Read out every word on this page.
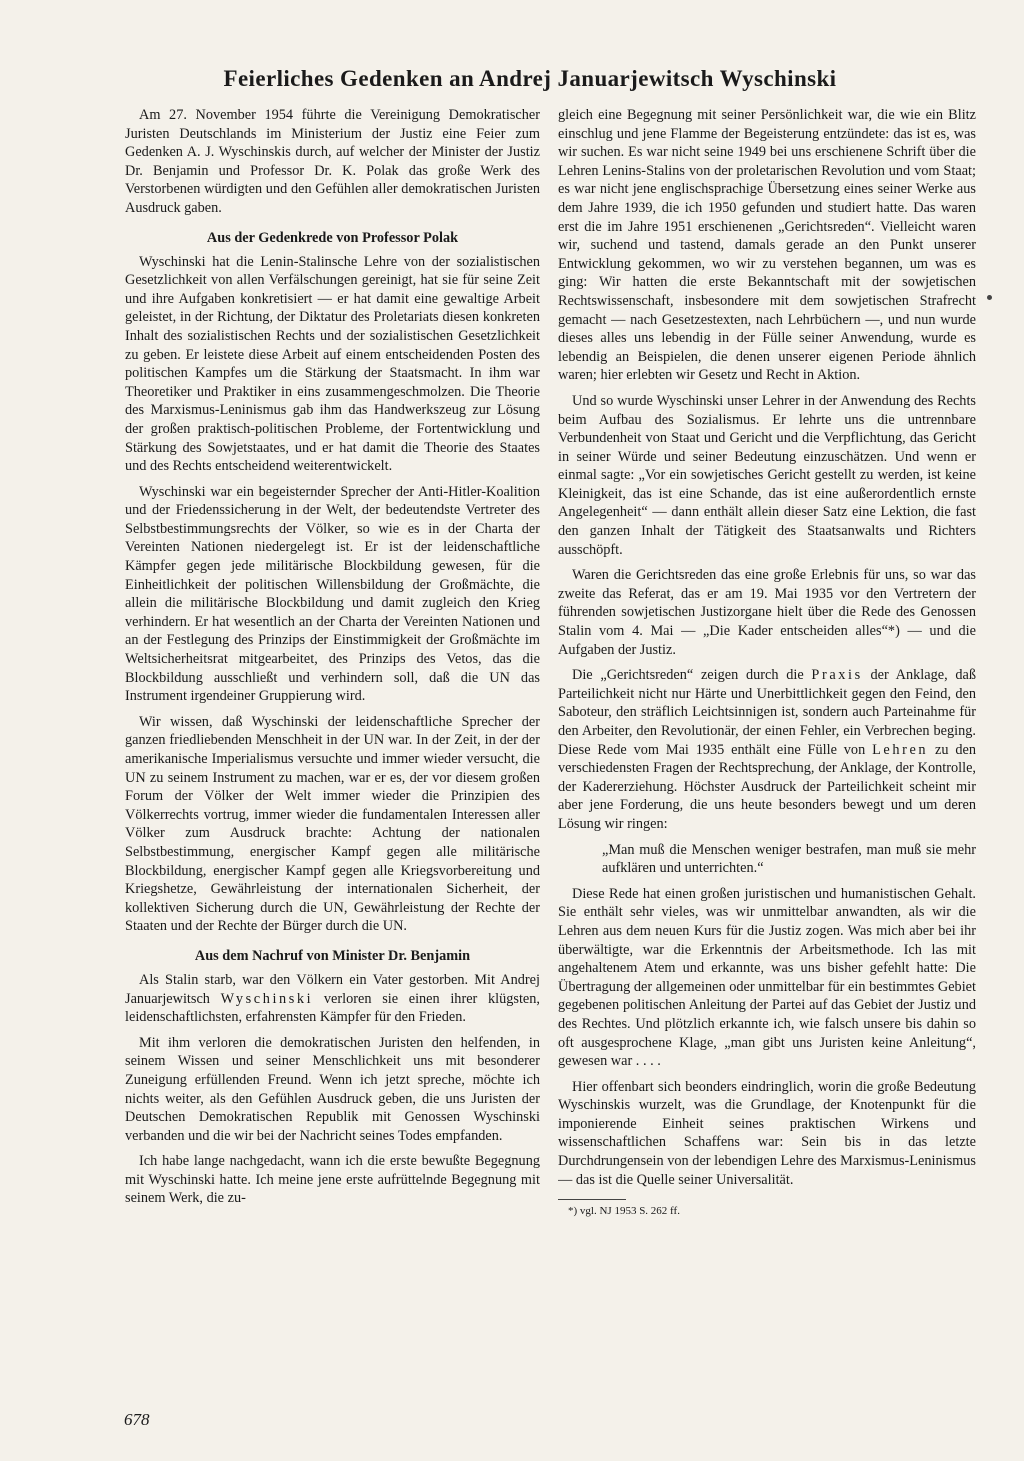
Feierliches Gedenken an Andrej Januarjewitsch Wyschinski

Am 27. November 1954 führte die Vereinigung Demokratischer Juristen Deutschlands im Ministerium der Justiz eine Feier zum Gedenken A. J. Wyschinskis durch, auf welcher der Minister der Justiz Dr. Benjamin und Professor Dr. K. Polak das große Werk des Verstorbenen würdigten und den Gefühlen aller demokratischen Juristen Ausdruck gaben.

Aus der Gedenkrede von Professor Polak

Wyschinski hat die Lenin-Stalinsche Lehre von der sozialistischen Gesetzlichkeit von allen Verfälschungen gereinigt, hat sie für seine Zeit und ihre Aufgaben konkretisiert — er hat damit eine gewaltige Arbeit geleistet, in der Richtung, der Diktatur des Proletariats diesen konkreten Inhalt des sozialistischen Rechts und der sozialistischen Gesetzlichkeit zu geben. Er leistete diese Arbeit auf einem entscheidenden Posten des politischen Kampfes um die Stärkung der Staatsmacht. In ihm war Theoretiker und Praktiker in eins zusammengeschmolzen. Die Theorie des Marxismus-Leninismus gab ihm das Handwerkszeug zur Lösung der großen praktisch-politischen Probleme, der Fortentwicklung und Stärkung des Sowjetstaates, und er hat damit die Theorie des Staates und des Rechts entscheidend weiterentwickelt.

Wyschinski war ein begeisternder Sprecher der Anti-Hitler-Koalition und der Friedenssicherung in der Welt, der bedeutendste Vertreter des Selbstbestimmungsrechts der Völker, so wie es in der Charta der Vereinten Nationen niedergelegt ist. Er ist der leidenschaftliche Kämpfer gegen jede militärische Blockbildung gewesen, für die Einheitlichkeit der politischen Willensbildung der Großmächte, die allein die militärische Blockbildung und damit zugleich den Krieg verhindern. Er hat wesentlich an der Charta der Vereinten Nationen und an der Festlegung des Prinzips der Einstimmigkeit der Großmächte im Weltsicherheitsrat mitgearbeitet, des Prinzips des Vetos, das die Blockbildung ausschließt und verhindern soll, daß die UN das Instrument irgendeiner Gruppierung wird.

Wir wissen, daß Wyschinski der leidenschaftliche Sprecher der ganzen friedliebenden Menschheit in der UN war. In der Zeit, in der der amerikanische Imperialismus versuchte und immer wieder versucht, die UN zu seinem Instrument zu machen, war er es, der vor diesem großen Forum der Völker der Welt immer wieder die Prinzipien des Völkerrechts vortrug, immer wieder die fundamentalen Interessen aller Völker zum Ausdruck brachte: Achtung der nationalen Selbstbestimmung, energischer Kampf gegen alle militärische Blockbildung, energischer Kampf gegen alle Kriegsvorbereitung und Kriegshetze, Gewährleistung der internationalen Sicherheit, der kollektiven Sicherung durch die UN, Gewährleistung der Rechte der Staaten und der Rechte der Bürger durch die UN.

Aus dem Nachruf von Minister Dr. Benjamin

Als Stalin starb, war den Völkern ein Vater gestorben. Mit Andrej Januarjewitsch Wyschinski verloren sie einen ihrer klügsten, leidenschaftlichsten, erfahrensten Kämpfer für den Frieden.

Mit ihm verloren die demokratischen Juristen den helfenden, in seinem Wissen und seiner Menschlichkeit uns mit besonderer Zuneigung erfüllenden Freund. Wenn ich jetzt spreche, möchte ich nichts weiter, als den Gefühlen Ausdruck geben, die uns Juristen der Deutschen Demokratischen Republik mit Genossen Wyschinski verbanden und die wir bei der Nachricht seines Todes empfanden.

Ich habe lange nachgedacht, wann ich die erste bewußte Begegnung mit Wyschinski hatte. Ich meine jene erste aufrüttelnde Begegnung mit seinem Werk, die zu-

gleich eine Begegnung mit seiner Persönlichkeit war, die wie ein Blitz einschlug und jene Flamme der Begeisterung entzündete: das ist es, was wir suchen. Es war nicht seine 1949 bei uns erschienene Schrift über die Lehren Lenins-Stalins von der proletarischen Revolution und vom Staat; es war nicht jene englischsprachige Übersetzung eines seiner Werke aus dem Jahre 1939, die ich 1950 gefunden und studiert hatte. Das waren erst die im Jahre 1951 erschienenen „Gerichtsreden“. Vielleicht waren wir, suchend und tastend, damals gerade an den Punkt unserer Entwicklung gekommen, wo wir zu verstehen begannen, um was es ging: Wir hatten die erste Bekanntschaft mit der sowjetischen Rechtswissenschaft, insbesondere mit dem sowjetischen Strafrecht gemacht — nach Gesetzestexten, nach Lehrbüchern —, und nun wurde dieses alles uns lebendig in der Fülle seiner Anwendung, wurde es lebendig an Beispielen, die denen unserer eigenen Periode ähnlich waren; hier erlebten wir Gesetz und Recht in Aktion.

Und so wurde Wyschinski unser Lehrer in der Anwendung des Rechts beim Aufbau des Sozialismus. Er lehrte uns die untrennbare Verbundenheit von Staat und Gericht und die Verpflichtung, das Gericht in seiner Würde und seiner Bedeutung einzuschätzen. Und wenn er einmal sagte: „Vor ein sowjetisches Gericht gestellt zu werden, ist keine Kleinigkeit, das ist eine Schande, das ist eine außerordentlich ernste Angelegenheit“ — dann enthält allein dieser Satz eine Lektion, die fast den ganzen Inhalt der Tätigkeit des Staatsanwalts und Richters ausschöpft.

Waren die Gerichtsreden das eine große Erlebnis für uns, so war das zweite das Referat, das er am 19. Mai 1935 vor den Vertretern der führenden sowjetischen Justizorgane hielt über die Rede des Genossen Stalin vom 4. Mai — „Die Kader entscheiden alles“*) — und die Aufgaben der Justiz.

Die „Gerichtsreden“ zeigen durch die Praxis der Anklage, daß Parteilichkeit nicht nur Härte und Unerbittlichkeit gegen den Feind, den Saboteur, den sträflich Leichtsinnigen ist, sondern auch Parteinahme für den Arbeiter, den Revolutionär, der einen Fehler, ein Verbrechen beging. Diese Rede vom Mai 1935 enthält eine Fülle von Lehren zu den verschiedensten Fragen der Rechtsprechung, der Anklage, der Kontrolle, der Kadererziehung. Höchster Ausdruck der Parteilichkeit scheint mir aber jene Forderung, die uns heute besonders bewegt und um deren Lösung wir ringen:

„Man muß die Menschen weniger bestrafen, man muß sie mehr aufklären und unterrichten.“

Diese Rede hat einen großen juristischen und humanistischen Gehalt. Sie enthält sehr vieles, was wir unmittelbar anwandten, als wir die Lehren aus dem neuen Kurs für die Justiz zogen. Was mich aber bei ihr überwältigte, war die Erkenntnis der Arbeitsmethode. Ich las mit angehaltenem Atem und erkannte, was uns bisher gefehlt hatte: Die Übertragung der allgemeinen oder unmittelbar für ein bestimmtes Gebiet gegebenen politischen Anleitung der Partei auf das Gebiet der Justiz und des Rechtes. Und plötzlich erkannte ich, wie falsch unsere bis dahin so oft ausgesprochene Klage, „man gibt uns Juristen keine Anleitung“, gewesen war . . . .

Hier offenbart sich beonders eindringlich, worin die große Bedeutung Wyschinskis wurzelt, was die Grundlage, der Knotenpunkt für die imponierende Einheit seines praktischen Wirkens und wissenschaftlichen Schaffens war: Sein bis in das letzte Durchdrungensein von der lebendigen Lehre des Marxismus-Leninismus — das ist die Quelle seiner Universalität.

*) vgl. NJ 1953 S. 262 ff.

678
